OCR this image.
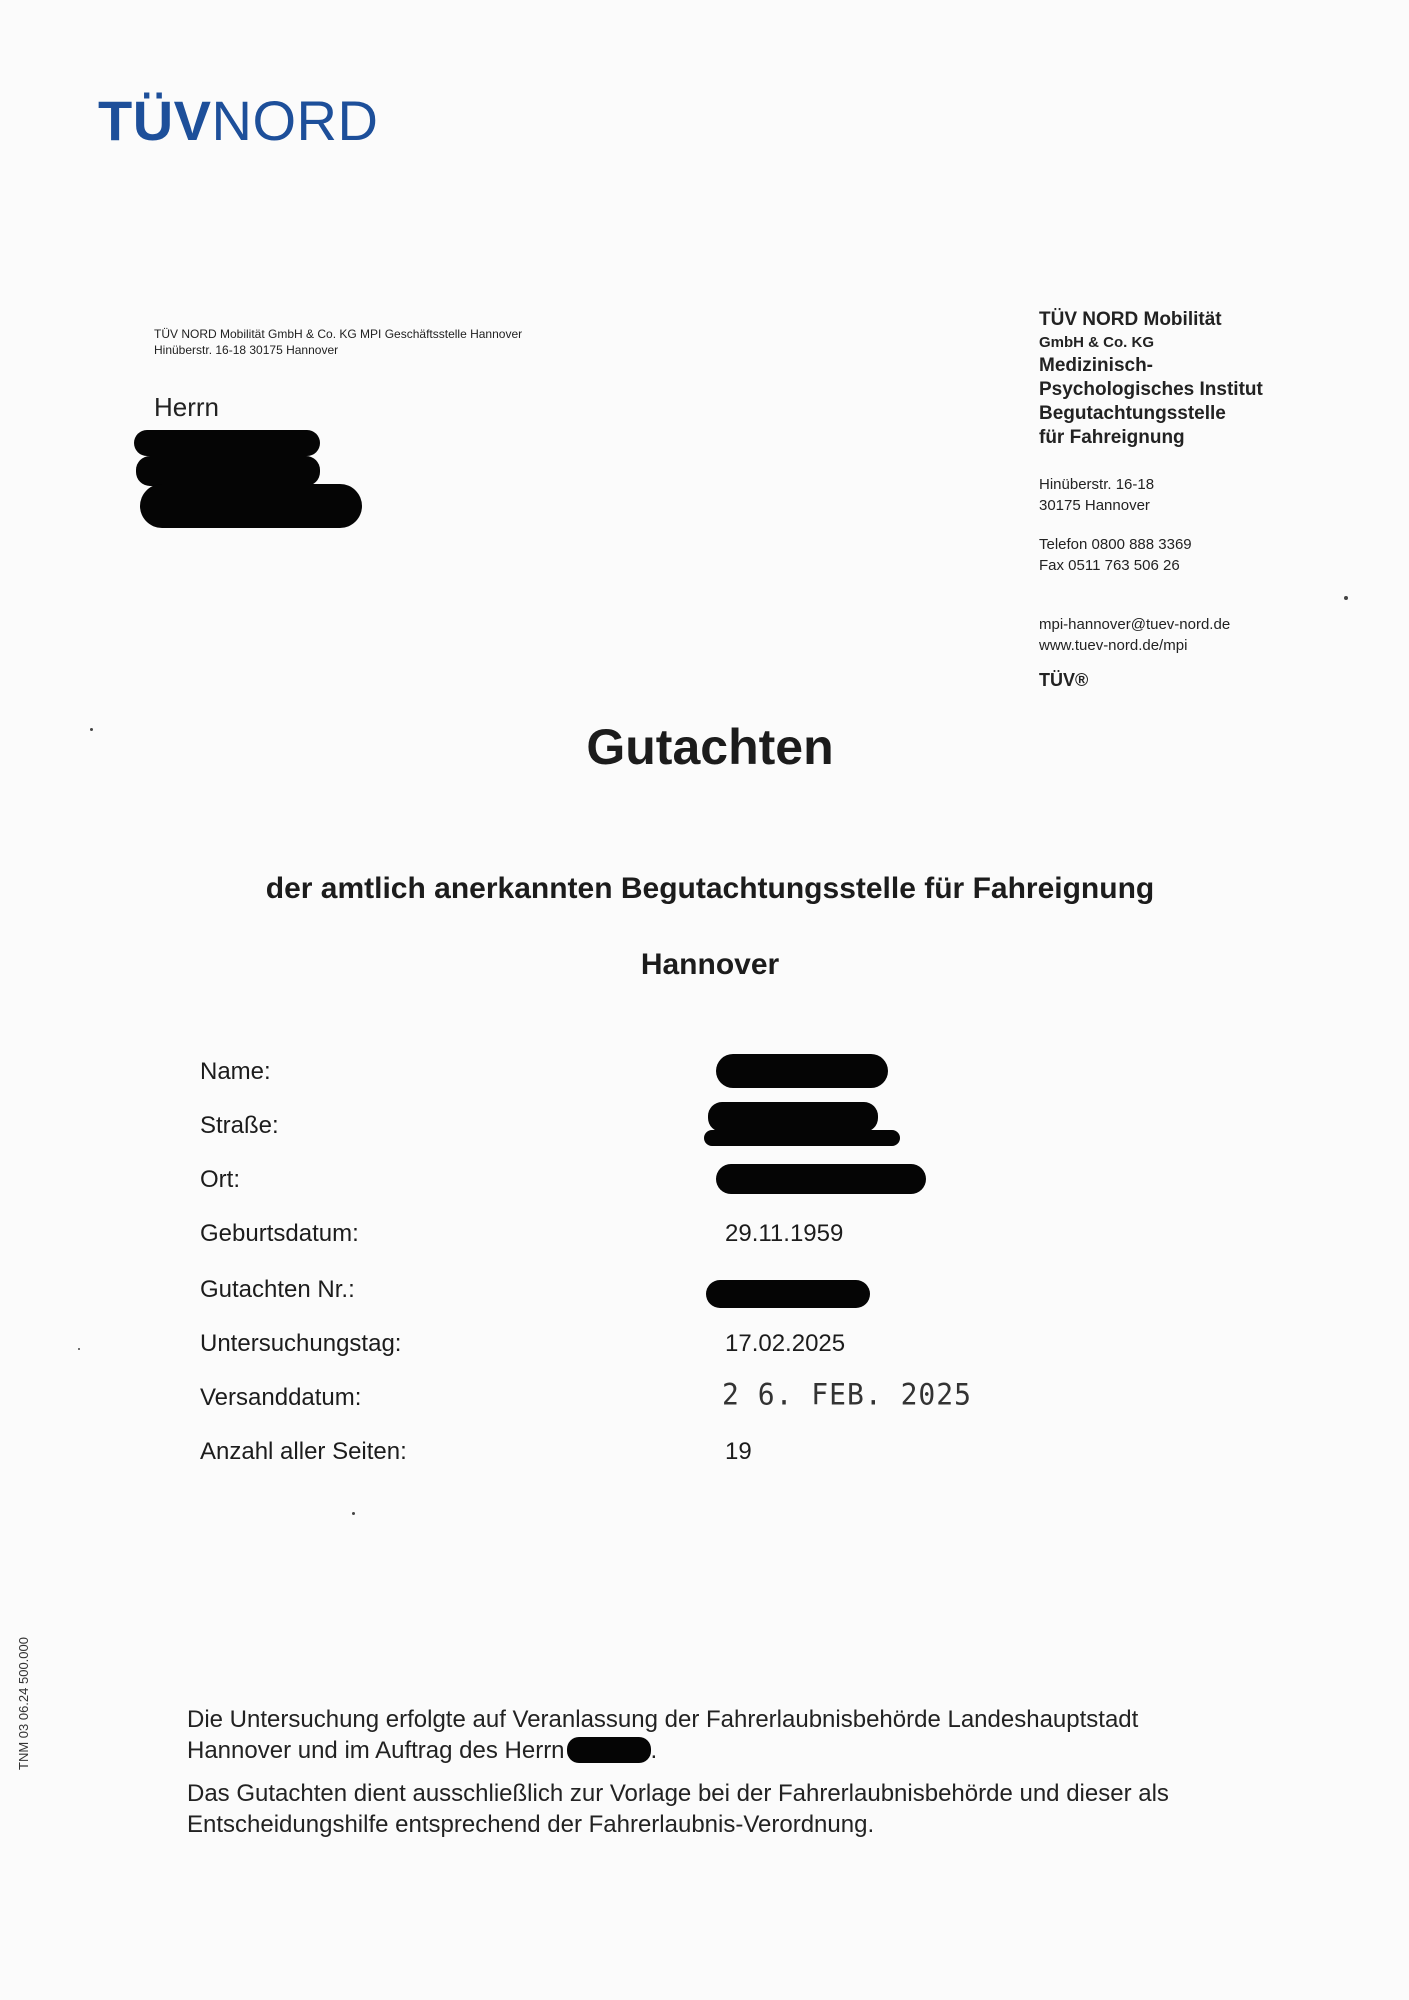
TÜVNORD
TÜV NORD Mobilität GmbH & Co. KG MPI Geschäftsstelle Hannover
Hinüberstr. 16-18 30175 Hannover
Herrn
TÜV NORD Mobilität
GmbH & Co. KG
Medizinisch-
Psychologisches Institut
Begutachtungsstelle
für Fahreignung
Hinüberstr. 16-18
30175 Hannover
Telefon 0800 888 3369
Fax 0511 763 506 26
mpi-hannover@tuev-nord.de
www.tuev-nord.de/mpi
TÜV®
Gutachten
der amtlich anerkannten Begutachtungsstelle für Fahreignung
Hannover
Name:
Straße:
Ort:
Geburtsdatum:	29.11.1959
Gutachten Nr.:
Untersuchungstag:	17.02.2025
Versanddatum:	2 6. FEB. 2025
Anzahl aller Seiten:	19

Die Untersuchung erfolgte auf Veranlassung der Fahrerlaubnisbehörde Landeshauptstadt Hannover und im Auftrag des Herrn	.

Das Gutachten dient ausschließlich zur Vorlage bei der Fahrerlaubnisbehörde und dieser als Entscheidungshilfe entsprechend der Fahrerlaubnis-Verordnung.

TNM 03 06.24 500.000
